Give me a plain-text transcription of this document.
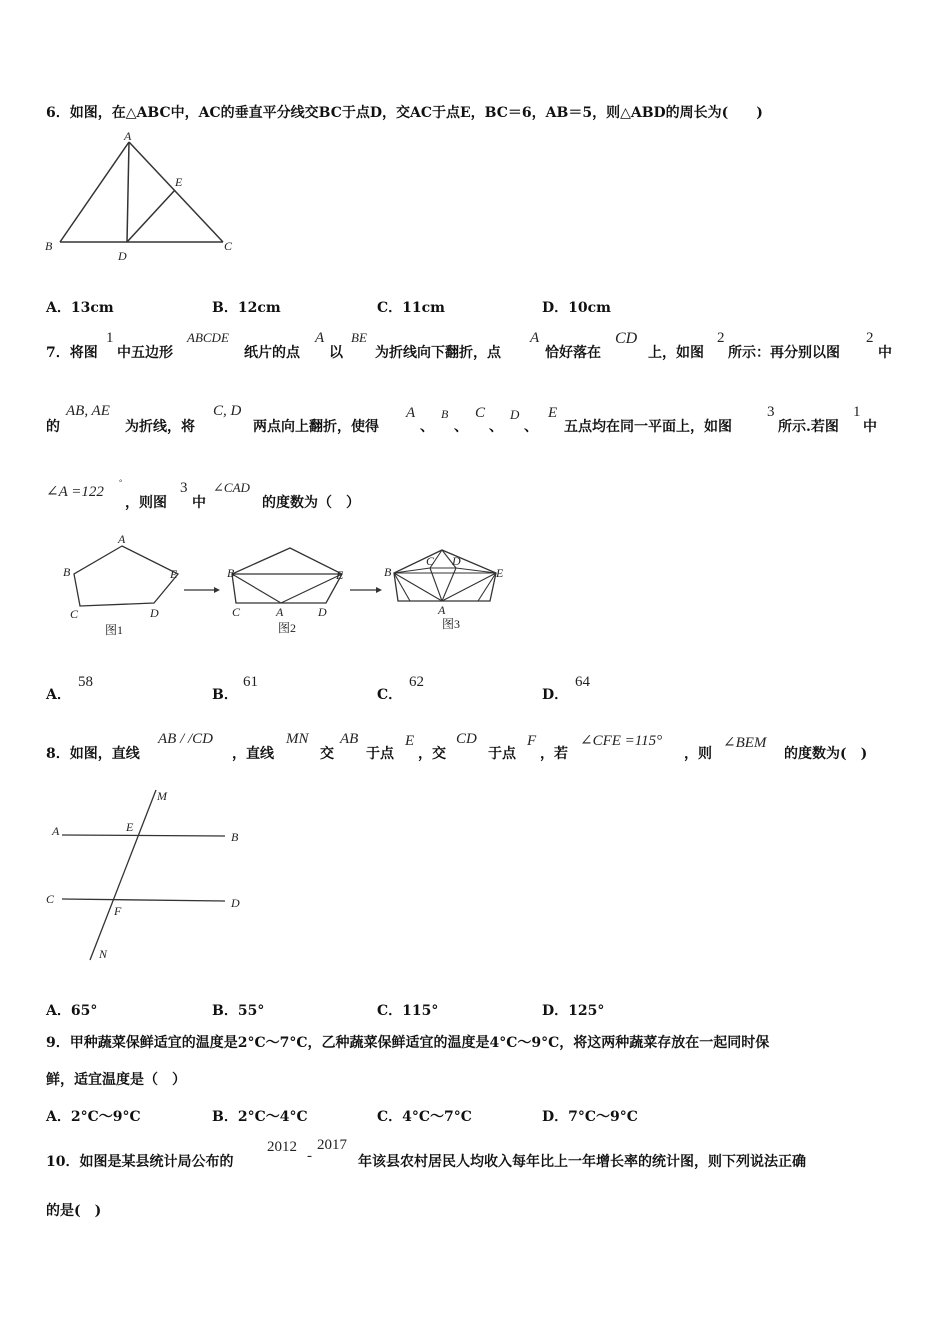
6．如图，在△ABC中，AC的垂直平分线交BC于点D，交AC于点E，BC＝6，AB＝5，则△ABD的周长为(　　)
A
B	C
D
E
A．13cm	B．12cm	C．11cm	D．10cm
7．将图
1
中五边形
ABCDE
纸片的点
A
以
BE
为折线向下翻折，点
A
恰好落在
CD
上，如图
2
所示：再分别以图
2
中
的
AB, AE
为折线，将
C, D
两点向上翻折，使得
A
、
B
、
C
、
D
、
E
五点均在同一平面上，如图
3
所示.若图
1
中
∠A =122
°
，则图
3
中
∠CAD
的度数为（　）
A
B
C	D
E
图1
A
B
C	D
E
图2
A
B
C D
E
图3
A．
58
B．
61
C．
62
D．
64
8．如图，直线
AB / /CD
，直线
MN
交
AB
于点
E
，交
CD
于点
F
，若
∠CFE =115°
，则
∠BEM
的度数为(　)
A	B
C	D
E
F
M
N
A．65°	B．55°	C．115°	D．125°
9．甲种蔬菜保鲜适宜的温度是2°C～7°C，乙种蔬菜保鲜适宜的温度是4°C～9°C，将这两种蔬菜存放在一起同时保
鲜，适宜温度是（　）
A．2°C～9°C	B．2°C～4°C	C．4°C～7°C	D．7°C～9°C
10．如图是某县统计局公布的
2012
-
2017
年该县农村居民人均收入每年比上一年增长率的统计图，则下列说法正确
的是(　)
